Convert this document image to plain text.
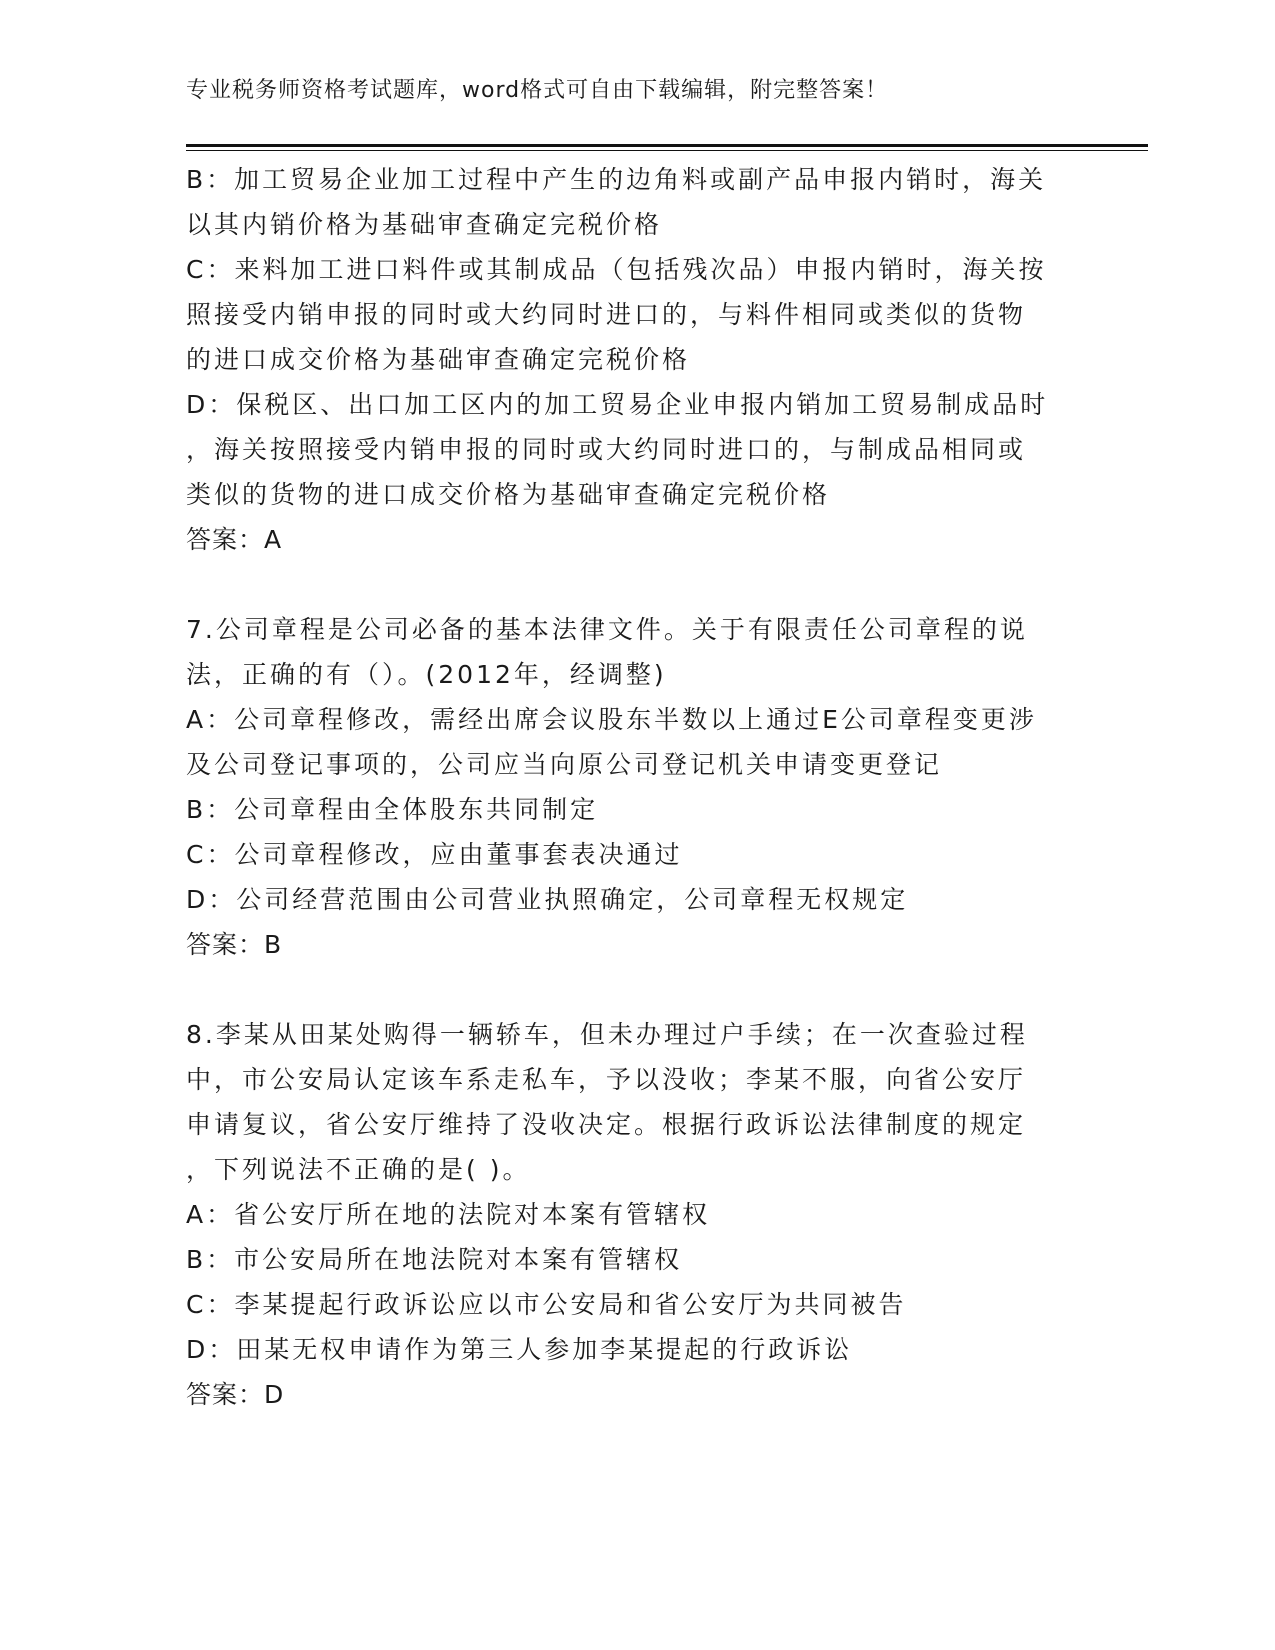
专业税务师资格考试题库，word格式可自由下载编辑，附完整答案！
B：加工贸易企业加工过程中产生的边角料或副产品申报内销时，海关
以其内销价格为基础审查确定完税价格
C：来料加工进口料件或其制成品（包括残次品）申报内销时，海关按
照接受内销申报的同时或大约同时进口的，与料件相同或类似的货物
的进口成交价格为基础审查确定完税价格
D：保税区、出口加工区内的加工贸易企业申报内销加工贸易制成品时
，海关按照接受内销申报的同时或大约同时进口的，与制成品相同或
类似的货物的进口成交价格为基础审查确定完税价格
答案：A
7.公司章程是公司必备的基本法律文件。关于有限责任公司章程的说
法，正确的有（）。(2012年，经调整)
A：公司章程修改，需经出席会议股东半数以上通过E公司章程变更涉
及公司登记事项的，公司应当向原公司登记机关申请变更登记
B：公司章程由全体股东共同制定
C：公司章程修改，应由董事套表决通过
D：公司经营范围由公司营业执照确定，公司章程无权规定
答案：B
8.李某从田某处购得一辆轿车，但未办理过户手续；在一次查验过程
中，市公安局认定该车系走私车，予以没收；李某不服，向省公安厅
申请复议，省公安厅维持了没收决定。根据行政诉讼法律制度的规定
，下列说法不正确的是( )。
A：省公安厅所在地的法院对本案有管辖权
B：市公安局所在地法院对本案有管辖权
C：李某提起行政诉讼应以市公安局和省公安厅为共同被告
D：田某无权申请作为第三人参加李某提起的行政诉讼
答案：D
